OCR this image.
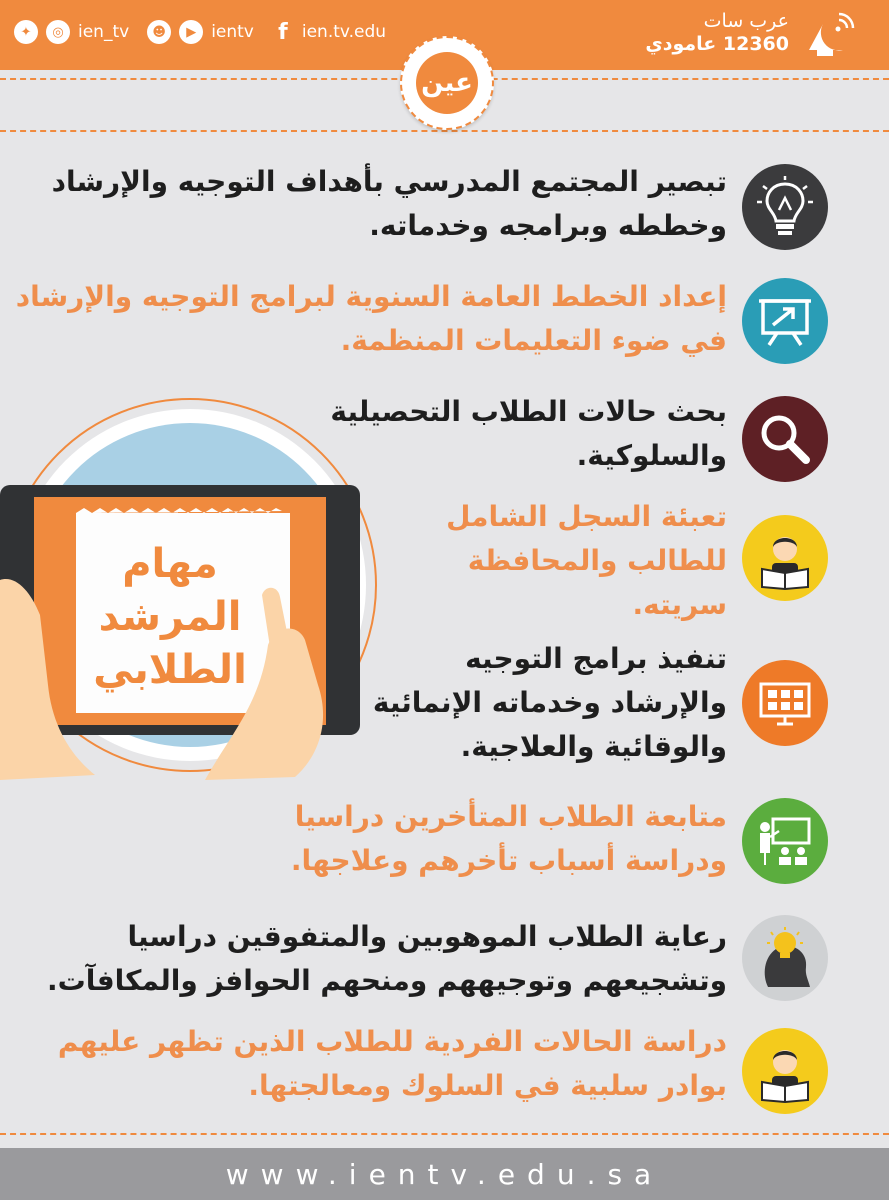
✦	◎ ien_tv	☻	▶ ientv f ien.tv.edu	عرب سات
12360 عامودي
عين
مهام
المرشد
الطلابي
تبصير المجتمع المدرسي بأهداف التوجيه والإرشاد
وخططه وبرامجه وخدماته.
إعداد الخطط العامة السنوية لبرامج التوجيه والإرشاد
في ضوء التعليمات المنظمة.
بحث حالات الطلاب التحصيلية
والسلوكية.
تعبئة السجل الشامل
للطالب والمحافظة
سريته.
تنفيذ برامج التوجيه
والإرشاد وخدماته الإنمائية
والوقائية والعلاجية.
متابعة الطلاب المتأخرين دراسيا
ودراسة أسباب تأخرهم وعلاجها.
رعاية الطلاب الموهوبين والمتفوقين دراسيا
وتشجيعهم وتوجيههم ومنحهم الحوافز والمكافآت.
دراسة الحالات الفردية للطلاب الذين تظهر عليهم
بوادر سلبية في السلوك ومعالجتها.
www.ientv.edu.sa
